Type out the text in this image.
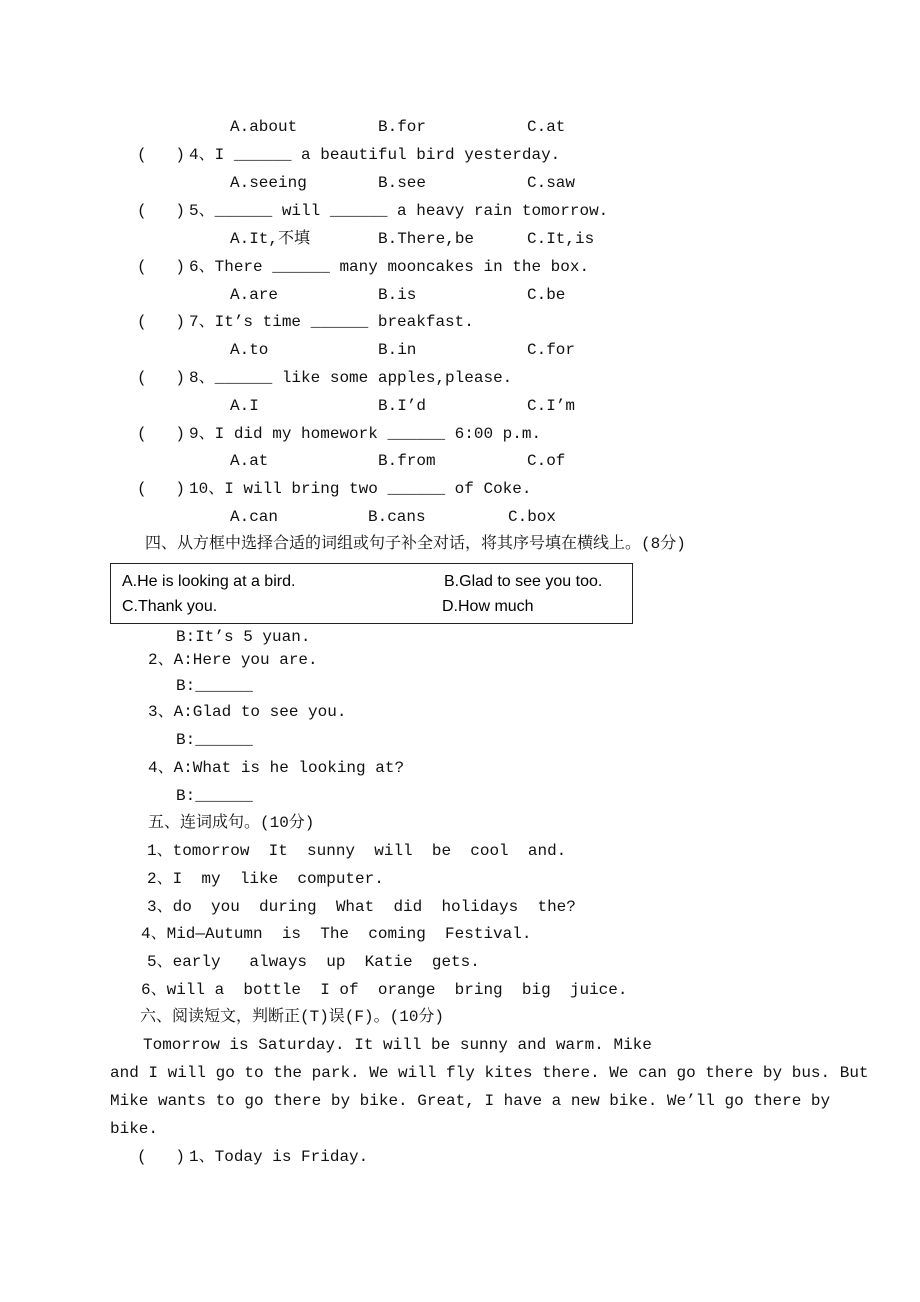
A.about	B.for	C.at
(   ) 4、I ______ a beautiful bird yesterday.
A.seeing	B.see	C.saw
(   ) 5、______ will ______ a heavy rain tomorrow.
A.It,不填	B.There,be	C.It,is
(   ) 6、There ______ many mooncakes in the box.
A.are	B.is	C.be
(   ) 7、It’s time ______ breakfast.
A.to	B.in	C.for
(   ) 8、______ like some apples,please.
A.I	B.I’d	C.I’m
(   ) 9、I did my homework ______ 6:00 p.m.
A.at	B.from	C.of
(   ) 10、I will bring two ______ of Coke.
A.can	B.cans	C.box
四、从方框中选择合适的词组或句子补全对话，将其序号填在横线上。(8分)
A.He is looking at a bird.	B.Glad to see you too.
C.Thank you.	D.How much
B:It’s 5 yuan.
2、A:Here you are.
B:______
3、A:Glad to see you.
B:______
4、A:What is he looking at?
B:______
五、连词成句。(10分)
1、tomorrow  It  sunny  will  be  cool  and.
2、I  my  like  computer.
3、do  you  during  What  did  holidays  the?
4、Mid—Autumn  is  The  coming  Festival.
5、early   always  up  Katie  gets.
6、will a  bottle  I of  orange  bring  big  juice.
六、阅读短文，判断正(T)误(F)。(10分)
Tomorrow is Saturday. It will be sunny and warm. Mike
and I will go to the park. We will fly kites there. We can go there by bus. But
Mike wants to go there by bike. Great, I have a new bike. We’ll go there by
bike.
(   ) 1、Today is Friday.
